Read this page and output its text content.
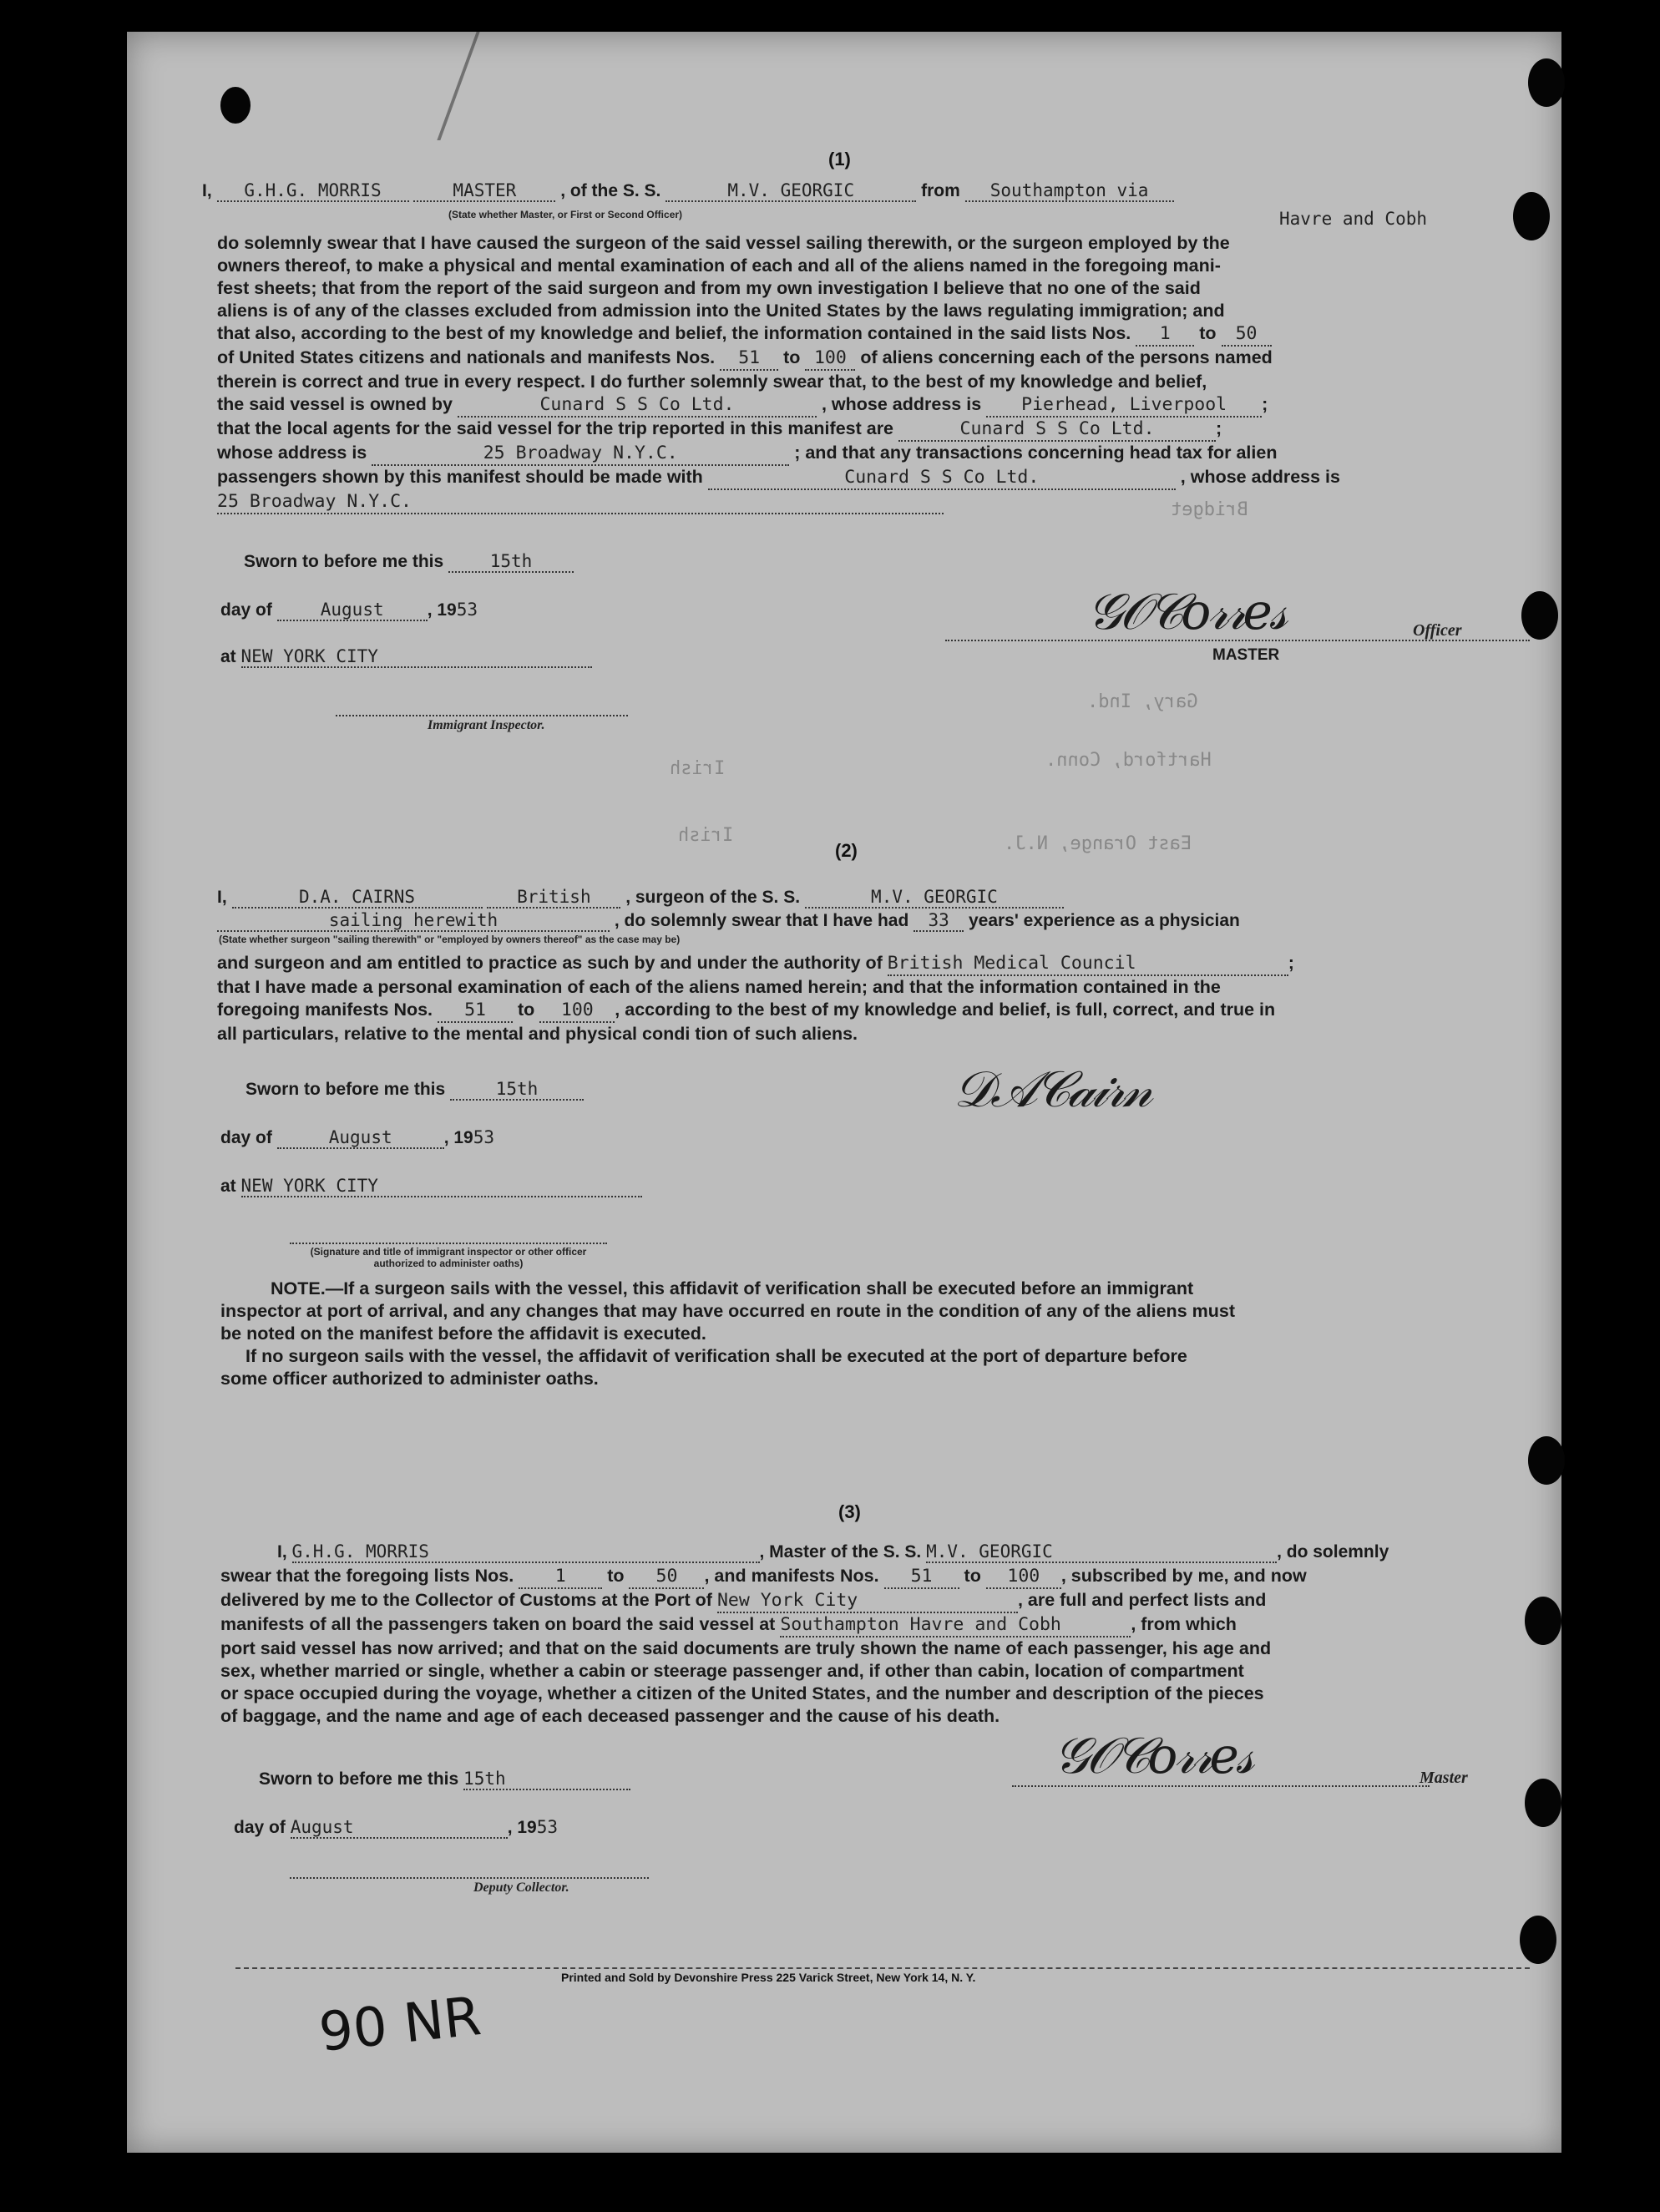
Bridget
Gary, Ind.
Hartford, Conn.
East Orange, N.J.
Irish
Irish
(1)
I, G.H.G. MORRIS	MASTER	, of the S. S.	M.V. GEORGIC	from Southampton via
(State whether Master, or First or Second Officer)	Havre and Cobh
do solemnly swear that I have caused the surgeon of the said vessel sailing therewith, or the surgeon employed by the
owners thereof, to make a physical and mental examination of each and all of the aliens named in the foregoing mani-
fest sheets; that from the report of the said surgeon and from my own investigation I believe that no one of the said
aliens is of any of the classes excluded from admission into the United States by the laws regulating immigration; and
that also, according to the best of my knowledge and belief, the information contained in the said lists Nos. 1 to 50
of United States citizens and nationals and manifests Nos. 51 to 100 of aliens concerning each of the persons named
therein is correct and true in every respect. I do further solemnly swear that, to the best of my knowledge and belief,
the said vessel is owned by	Cunard S S Co Ltd.	, whose address is Pierhead, Liverpool ;
that the local agents for the said vessel for the trip reported in this manifest are	Cunard S S Co Ltd.	;
whose address is	25 Broadway N.Y.C.	; and that any transactions concerning head tax for alien
passengers shown by this manifest should be made with	Cunard S S Co Ltd.	, whose address is
25 Broadway N.Y.C.
Sworn to before me this	15th
day of	August , 1953
at NEW YORK CITY
Immigrant Inspector.
𝒢𝒪𝒞𝑜𝓇𝓇𝑒𝓈	Officer
MASTER
(2)
I,	D.A. CAIRNS	British , surgeon of the S. S.	M.V. GEORGIC
sailing herewith	, do solemnly swear that I have had 33 years' experience as a physician
(State whether surgeon "sailing therewith" or "employed by owners thereof" as the case may be)
and surgeon and am entitled to practice as such by and under the authority of British Medical Council	;
that I have made a personal examination of each of the aliens named herein; and that the information contained in the
foregoing manifests Nos. 51 to 100 , according to the best of my knowledge and belief, is full, correct, and true in
all particulars, relative to the mental and physical condi tion of such aliens.
Sworn to before me this	15th
day of	August	, 1953
at NEW YORK CITY
𝒟𝒜𝒞𝒶𝒾𝓇𝓃
(Signature and title of immigrant inspector or other officer authorized to administer oaths)
NOTE.—If a surgeon sails with the vessel, this affidavit of verification shall be executed before an immigrant
inspector at port of arrival, and any changes that may have occurred en route in the condition of any of the aliens must
be noted on the manifest before the affidavit is executed.
If no surgeon sails with the vessel, the affidavit of verification shall be executed at the port of departure before
some officer authorized to administer oaths.
(3)
I, G.H.G. MORRIS	, Master of the S. S. M.V. GEORGIC	, do solemnly
swear that the foregoing lists Nos. 1 to 50 , and manifests Nos. 51 to 100 , subscribed by me, and now
delivered by me to the Collector of Customs at the Port of New York City	, are full and perfect lists and
manifests of all the passengers taken on board the said vessel at Southampton Havre and Cobh	, from which
port said vessel has now arrived; and that on the said documents are truly shown the name of each passenger, his age and
sex, whether married or single, whether a cabin or steerage passenger and, if other than cabin, location of compartment
or space occupied during the voyage, whether a citizen of the United States, and the number and description of the pieces
of baggage, and the name and age of each deceased passenger and the cause of his death.
Sworn to before me this 15th
day of August	, 1953
𝒢𝒪𝒞𝑜𝓇𝓇𝑒𝓈	Master
Deputy Collector.
Printed and Sold by Devonshire Press 225 Varick Street, New York 14, N. Y.
90 NR
